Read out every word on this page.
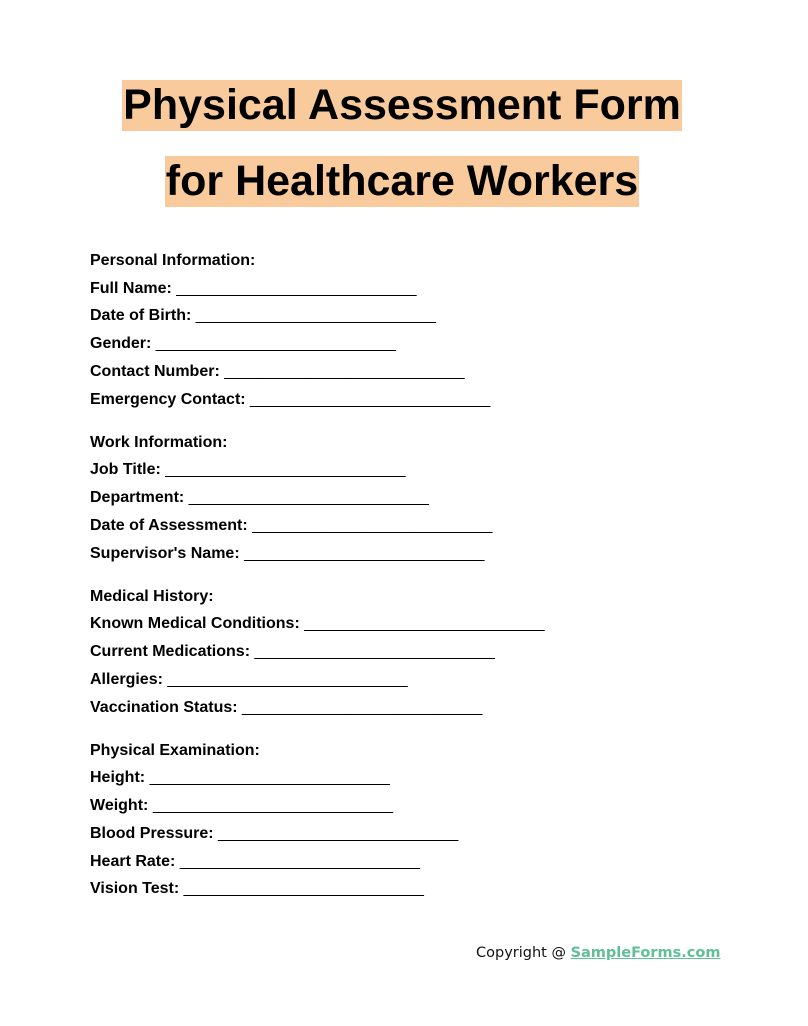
Physical Assessment Form
for Healthcare Workers
Personal Information:
Full Name: ___________________________
Date of Birth: ___________________________
Gender: ___________________________
Contact Number: ___________________________
Emergency Contact: ___________________________
Work Information:
Job Title: ___________________________
Department: ___________________________
Date of Assessment: ___________________________
Supervisor's Name: ___________________________
Medical History:
Known Medical Conditions: ___________________________
Current Medications: ___________________________
Allergies: ___________________________
Vaccination Status: ___________________________
Physical Examination:
Height: ___________________________
Weight: ___________________________
Blood Pressure: ___________________________
Heart Rate: ___________________________
Vision Test: ___________________________
Copyright @ SampleForms.com
